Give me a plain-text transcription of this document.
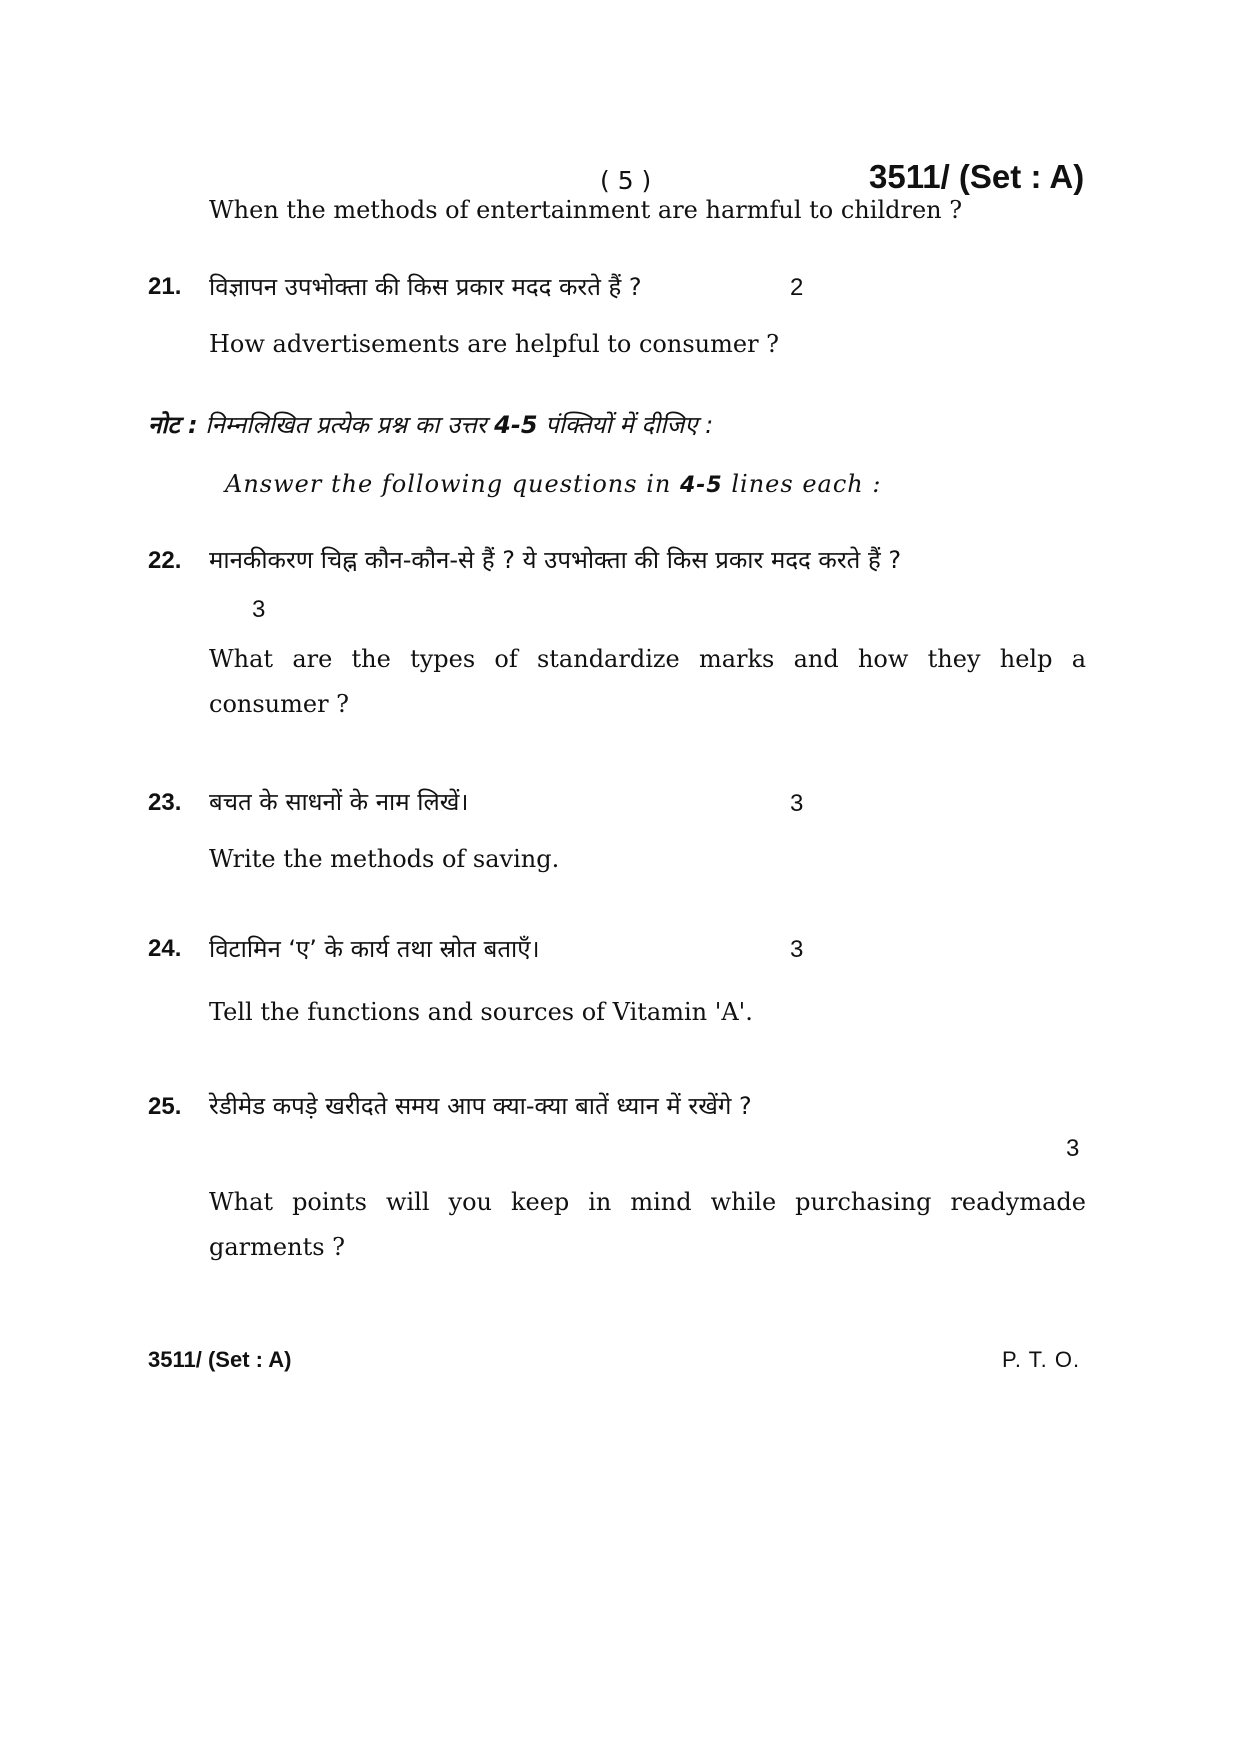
( 5 )	3511/ (Set : A)
When the methods of entertainment are harmful to children ?
21. विज्ञापन उपभोक्ता की किस प्रकार मदद करते हैं ?	2
How advertisements are helpful to consumer ?
नोट : निम्नलिखित प्रत्येक प्रश्न का उत्तर 4-5 पंक्तियों में दीजिए :
Answer the following questions in 4-5 lines each :
22. मानकीकरण चिह्न कौन-कौन-से हैं ? ये उपभोक्ता की किस प्रकार मदद करते हैं ?
3
What are the types of standardize marks and how they help a
consumer ?
23. बचत के साधनों के नाम लिखें।	3
Write the methods of saving.
24. विटामिन ‘ए’ के कार्य तथा स्रोत बताएँ।	3
Tell the functions and sources of Vitamin 'A'.
25. रेडीमेड कपड़े खरीदते समय आप क्या-क्या बातें ध्यान में रखेंगे ?
3
What points will you keep in mind while purchasing readymade
garments ?
3511/ (Set : A)	P. T. O.
